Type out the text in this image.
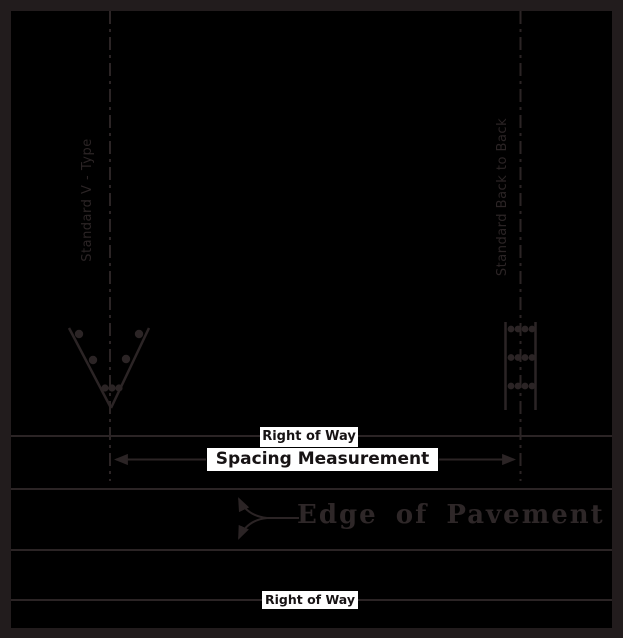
Standard V - Type	Standard Back to Back
Right of Way
Spacing Measurement
Edge of Pavement
Right of Way
